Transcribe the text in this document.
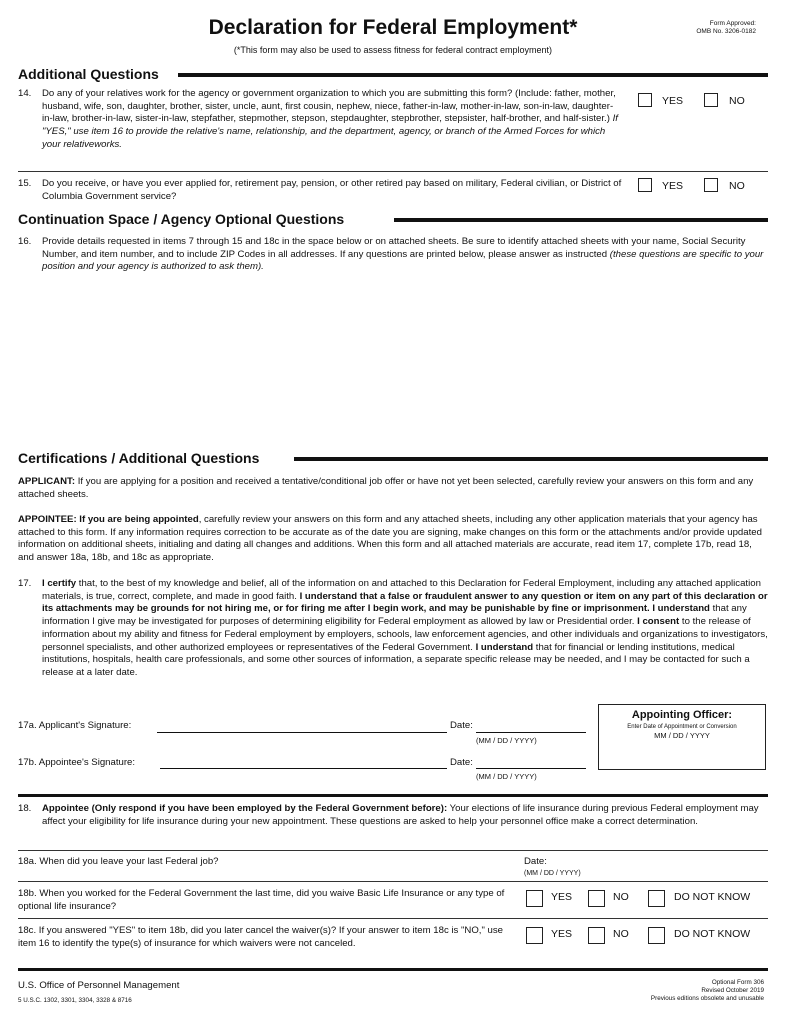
Declaration for Federal Employment*
(*This form may also be used to assess fitness for federal contract employment)
Form Approved:
OMB No. 3206-0182
Additional Questions
14. Do any of your relatives work for the agency or government organization to which you are submitting this form? (Include: father, mother, husband, wife, son, daughter, brother, sister, uncle, aunt, first cousin, nephew, niece, father-in-law, mother-in-law, son-in-law, daughter-in-law, brother-in-law, sister-in-law, stepfather, stepmother, stepson, stepdaughter, stepbrother, stepsister, half-brother, and half-sister.) If "YES," use item 16 to provide the relative's name, relationship, and the department, agency, or branch of the Armed Forces for which your relativeworks.
YES	NO
15. Do you receive, or have you ever applied for, retirement pay, pension, or other retired pay based on military, Federal civilian, or District of Columbia Government service?
YES	NO
Continuation Space / Agency Optional Questions
16. Provide details requested in items 7 through 15 and 18c in the space below or on attached sheets. Be sure to identify attached sheets with your name, Social Security Number, and item number, and to include ZIP Codes in all addresses. If any questions are printed below, please answer as instructed (these questions are specific to your position and your agency is authorized to ask them).
Certifications / Additional Questions
APPLICANT: If you are applying for a position and received a tentative/conditional job offer or have not yet been selected, carefully review your answers on this form and any attached sheets.
APPOINTEE: If you are being appointed, carefully review your answers on this form and any attached sheets, including any other application materials that your agency has attached to this form. If any information requires correction to be accurate as of the date you are signing, make changes on this form or the attachments and/or provide updated information on additional sheets, initialing and dating all changes and additions. When this form and all attached materials are accurate, read item 17, complete 17b, read 18, and answer 18a, 18b, and 18c as appropriate.
17. I certify that, to the best of my knowledge and belief, all of the information on and attached to this Declaration for Federal Employment, including any attached application materials, is true, correct, complete, and made in good faith. I understand that a false or fraudulent answer to any question or item on any part of this declaration or its attachments may be grounds for not hiring me, or for firing me after I begin work, and may be punishable by fine or imprisonment. I understand that any information I give may be investigated for purposes of determining eligibility for Federal employment as allowed by law or Presidential order. I consent to the release of information about my ability and fitness for Federal employment by employers, schools, law enforcement agencies, and other individuals and organizations to investigators, personnel specialists, and other authorized employees or representatives of the Federal Government. I understand that for financial or lending institutions, medical institutions, hospitals, health care professionals, and some other sources of information, a separate specific release may be needed, and I may be contacted for such a release at a later date.
17a. Applicant's Signature:	Date:
(MM / DD / YYYY)
17b. Appointee's Signature:	Date:
(MM / DD / YYYY)
Appointing Officer:
Enter Date of Appointment or Conversion
MM / DD / YYYY
18. Appointee (Only respond if you have been employed by the Federal Government before): Your elections of life insurance during previous Federal employment may affect your eligibility for life insurance during your new appointment. These questions are asked to help your personnel office make a correct determination.
18a. When did you leave your last Federal job?	Date:
(MM / DD / YYYY)
18b. When you worked for the Federal Government the last time, did you waive Basic Life Insurance or any type of optional life insurance?
YES	NO	DO NOT KNOW
18c. If you answered "YES" to item 18b, did you later cancel the waiver(s)? If your answer to item 18c is "NO," use item 16 to identify the type(s) of insurance for which waivers were not canceled.
YES	NO	DO NOT KNOW
U.S. Office of Personnel Management
5 U.S.C. 1302, 3301, 3304, 3328 & 8716
Optional Form 306
Revised October 2019
Previous editions obsolete and unusable
